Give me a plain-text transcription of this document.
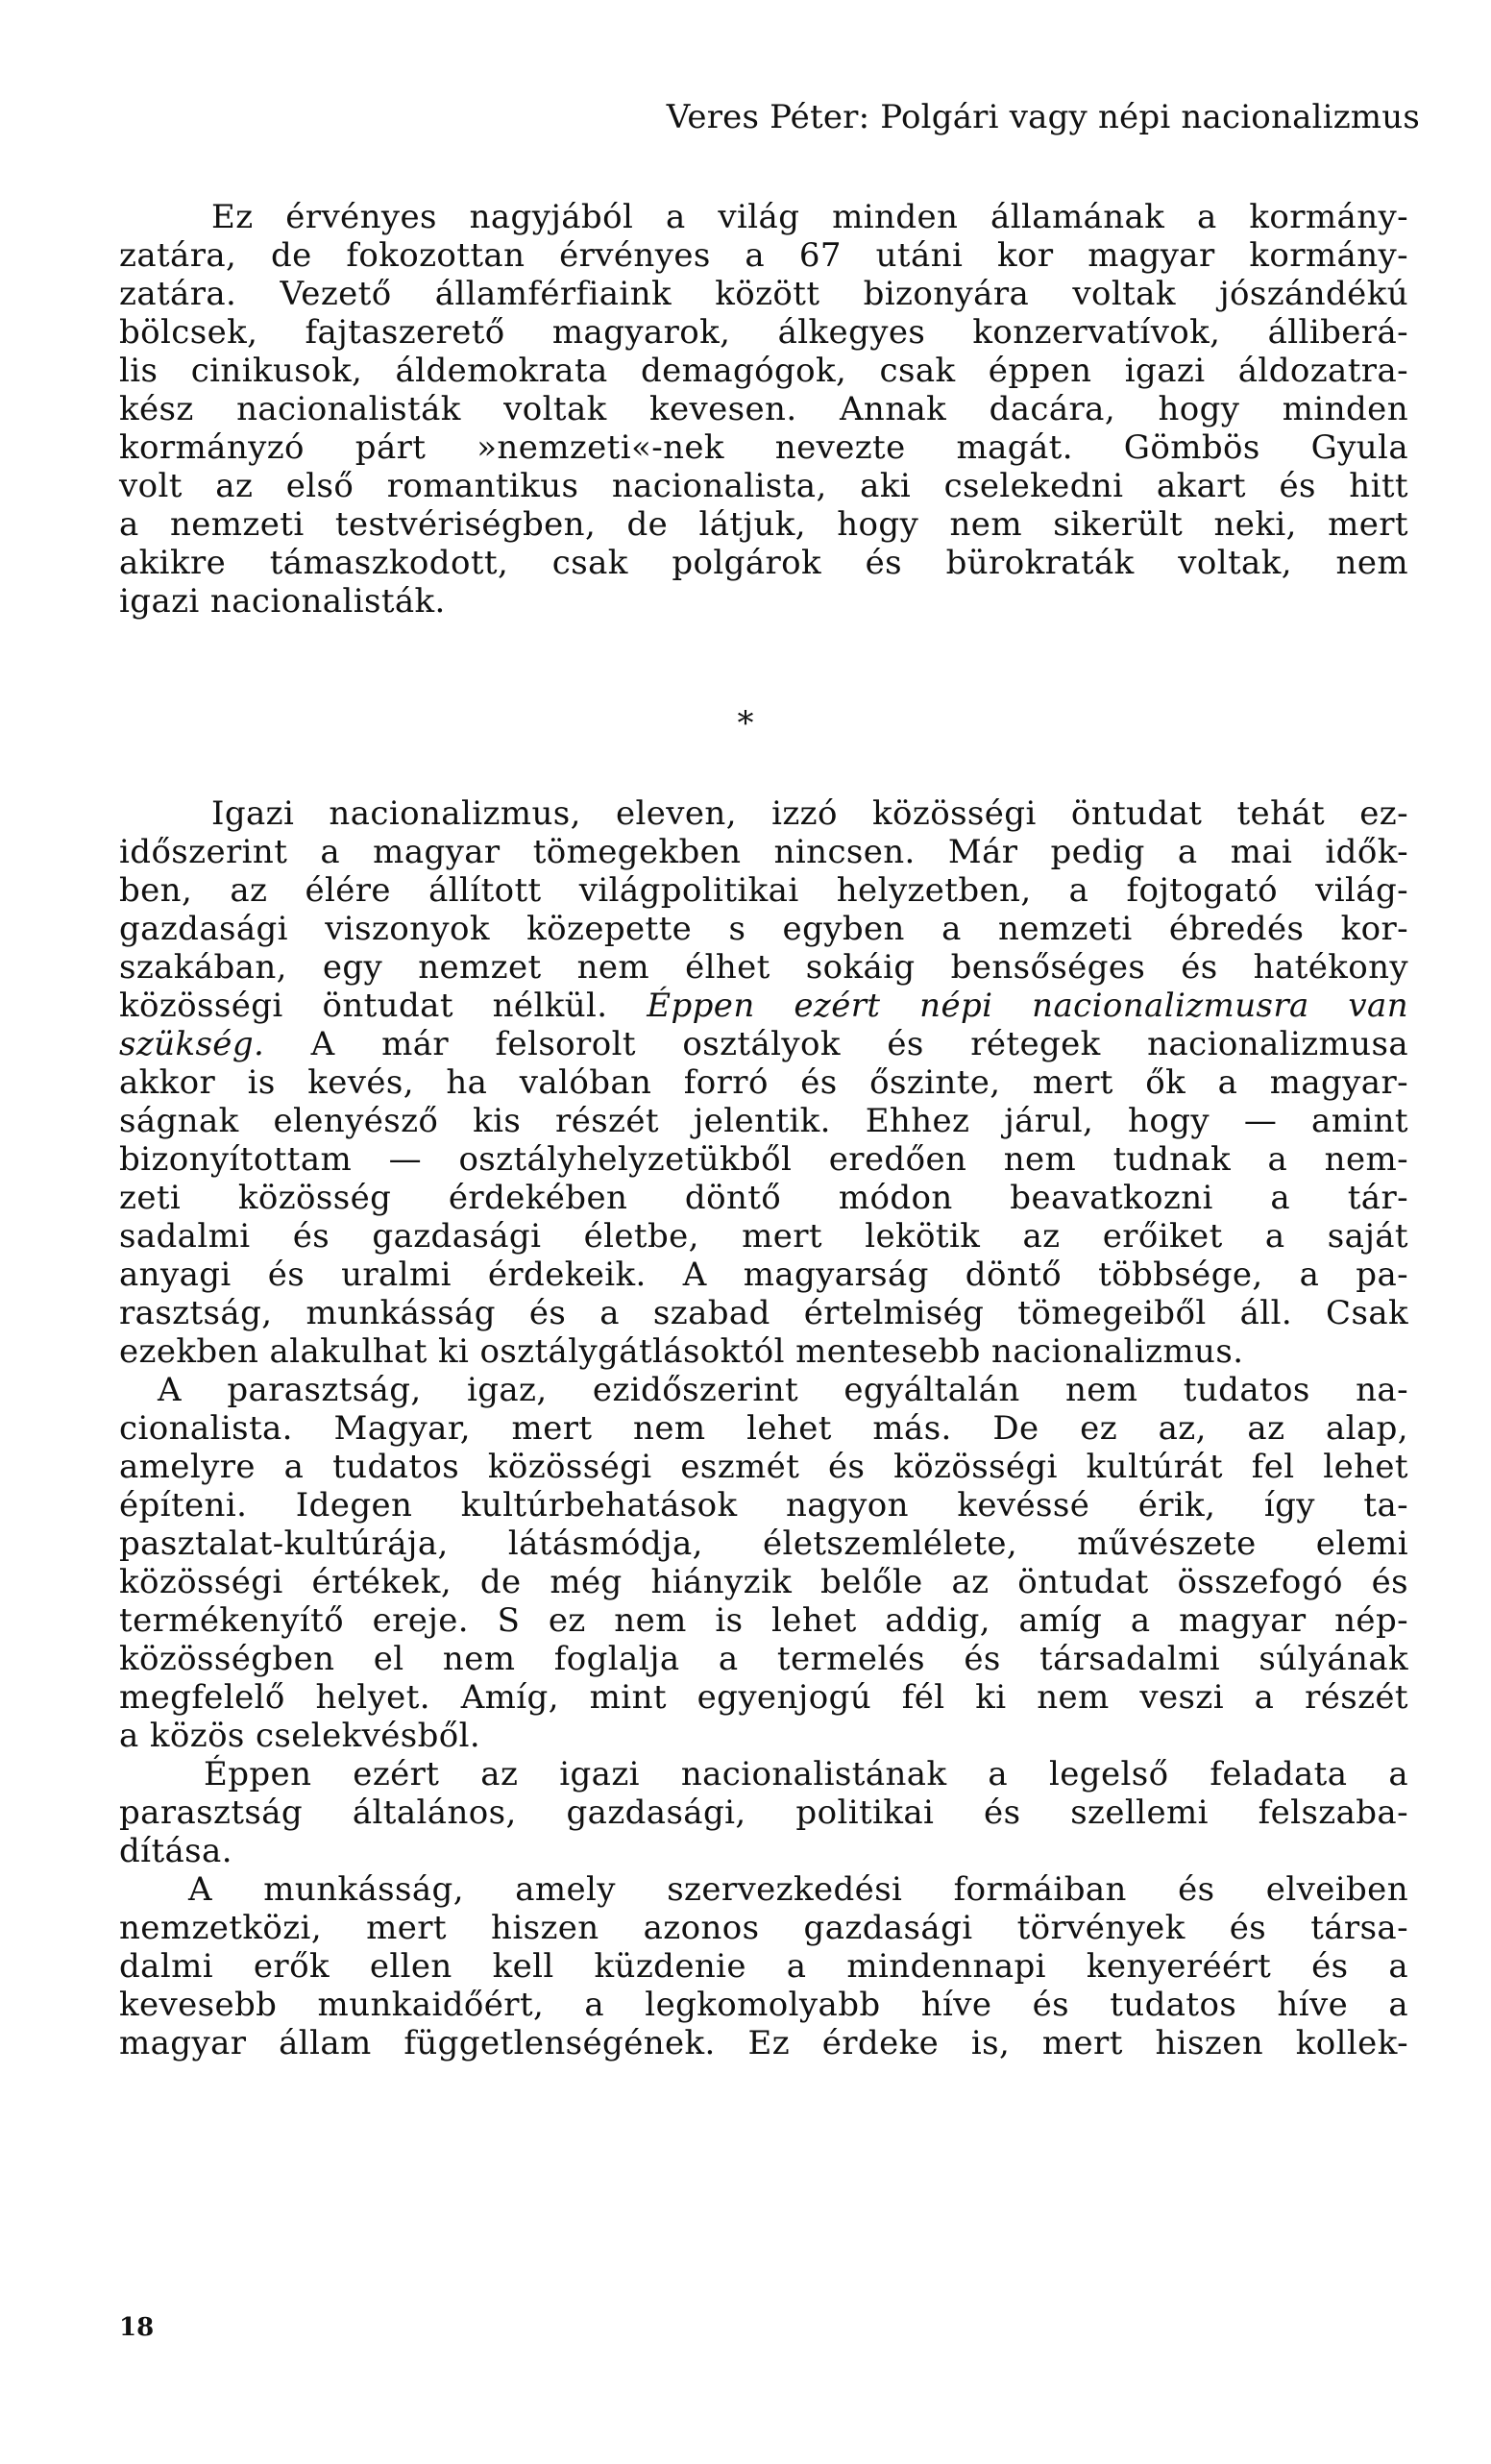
Veres Péter: Polgári vagy népi nacionalizmus
Ez érvényes nagyjából a világ minden államának a kormány-
zatára, de fokozottan érvényes a 67 utáni kor magyar kormány-
zatára. Vezető államférfiaink között bizonyára voltak jószándékú
bölcsek, fajtaszerető magyarok, álkegyes konzervatívok, álliberá-
lis cinikusok, áldemokrata demagógok, csak éppen igazi áldozatra-
kész nacionalisták voltak kevesen. Annak dacára, hogy minden
kormányzó párt »nemzeti«-nek nevezte magát. Gömbös Gyula
volt az első romantikus nacionalista, aki cselekedni akart és hitt
a nemzeti testvériségben, de látjuk, hogy nem sikerült neki, mert
akikre támaszkodott, csak polgárok és bürokraták voltak, nem
igazi nacionalisták.
*
Igazi nacionalizmus, eleven, izzó közösségi öntudat tehát ez-
időszerint a magyar tömegekben nincsen. Már pedig a mai idők-
ben, az élére állított világpolitikai helyzetben, a fojtogató világ-
gazdasági viszonyok közepette s egyben a nemzeti ébredés kor-
szakában, egy nemzet nem élhet sokáig bensőséges és hatékony
közösségi öntudat nélkül. Éppen ezért népi nacionalizmusra van
szükség. A már felsorolt osztályok és rétegek nacionalizmusa
akkor is kevés, ha valóban forró és őszinte, mert ők a magyar-
ságnak elenyésző kis részét jelentik. Ehhez járul, hogy — amint
bizonyítottam — osztályhelyzetükből eredően nem tudnak a nem-
zeti közösség érdekében döntő módon beavatkozni a tár-
sadalmi és gazdasági életbe, mert lekötik az erőiket a saját
anyagi és uralmi érdekeik. A magyarság döntő többsége, a pa-
rasztság, munkásság és a szabad értelmiség tömegeiből áll. Csak
ezekben alakulhat ki osztálygátlásoktól mentesebb nacionalizmus.
A parasztság, igaz, ezidőszerint egyáltalán nem tudatos na-
cionalista. Magyar, mert nem lehet más. De ez az, az alap,
amelyre a tudatos közösségi eszmét és közösségi kultúrát fel lehet
építeni. Idegen kultúrbehatások nagyon kevéssé érik, így ta-
pasztalat-kultúrája, látásmódja, életszemlélete, művészete elemi
közösségi értékek, de még hiányzik belőle az öntudat összefogó és
termékenyítő ereje. S ez nem is lehet addig, amíg a magyar nép-
közösségben el nem foglalja a termelés és társadalmi súlyának
megfelelő helyet. Amíg, mint egyenjogú fél ki nem veszi a részét
a közös cselekvésből.
Éppen ezért az igazi nacionalistának a legelső feladata a
parasztság általános, gazdasági, politikai és szellemi felszaba-
dítása.
A munkásság, amely szervezkedési formáiban és elveiben
nemzetközi, mert hiszen azonos gazdasági törvények és társa-
dalmi erők ellen kell küzdenie a mindennapi kenyeréért és a
kevesebb munkaidőért, a legkomolyabb híve és tudatos híve a
magyar állam függetlenségének. Ez érdeke is, mert hiszen kollek-
18
